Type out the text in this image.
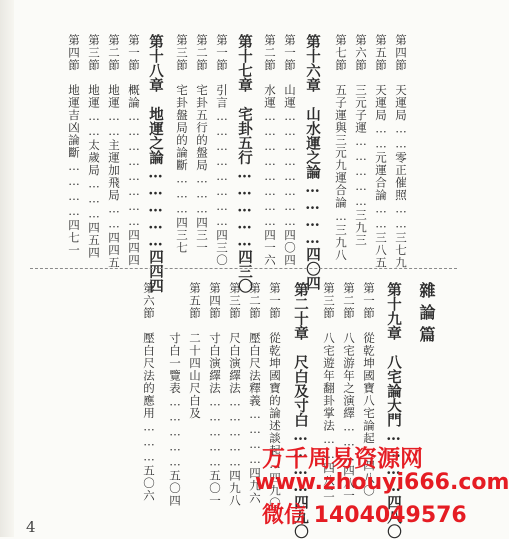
第四節　天運局……零正催照……三七九
第五節　天運局……元運合論……三八五
第六節　三元子運……………三九三
第七節　五子運與三元九運合論…三九八
第十六章　山水運之論…………四〇四
第一節　山運……………………四〇四
第二節　水運……………………四一六
第十七章　宅卦五行……………四三〇
第一節　引言……………………四三〇
第二節　宅卦五行的盤局………四三一
第三節　宅卦盤局的論斷………四三七
第十八章　地運之論……………四四四
第一節　概論……………………四四四
第二節　地運……主運加飛局……四四五
第三節　地運……太歲局………四五四
第四節　地運吉凶論斷…………四七一
雜論篇
第十九章　八宅論大門…………四八〇
第一節　從乾坤國寶八宅論起…四八〇
第二節　八宅游年之演繹………四八一
第三節　八宅遊年翻卦掌法……四八二
第二十章　尺白及寸白…………四九〇
第一節　從乾坤國寶的論述談起…四九〇
第二節　壓白尺法釋義…………四九六
第三節　尺白演繹法……………四九八
第四節　寸白演繹法……………五〇一
第五節　二十四山尺白及
　　　　寸白一覽表……………五〇四
第六節　壓白尺法的應用………五〇六
4
万千周易资源网
www.zhouyi666.com
微信 1404049576
